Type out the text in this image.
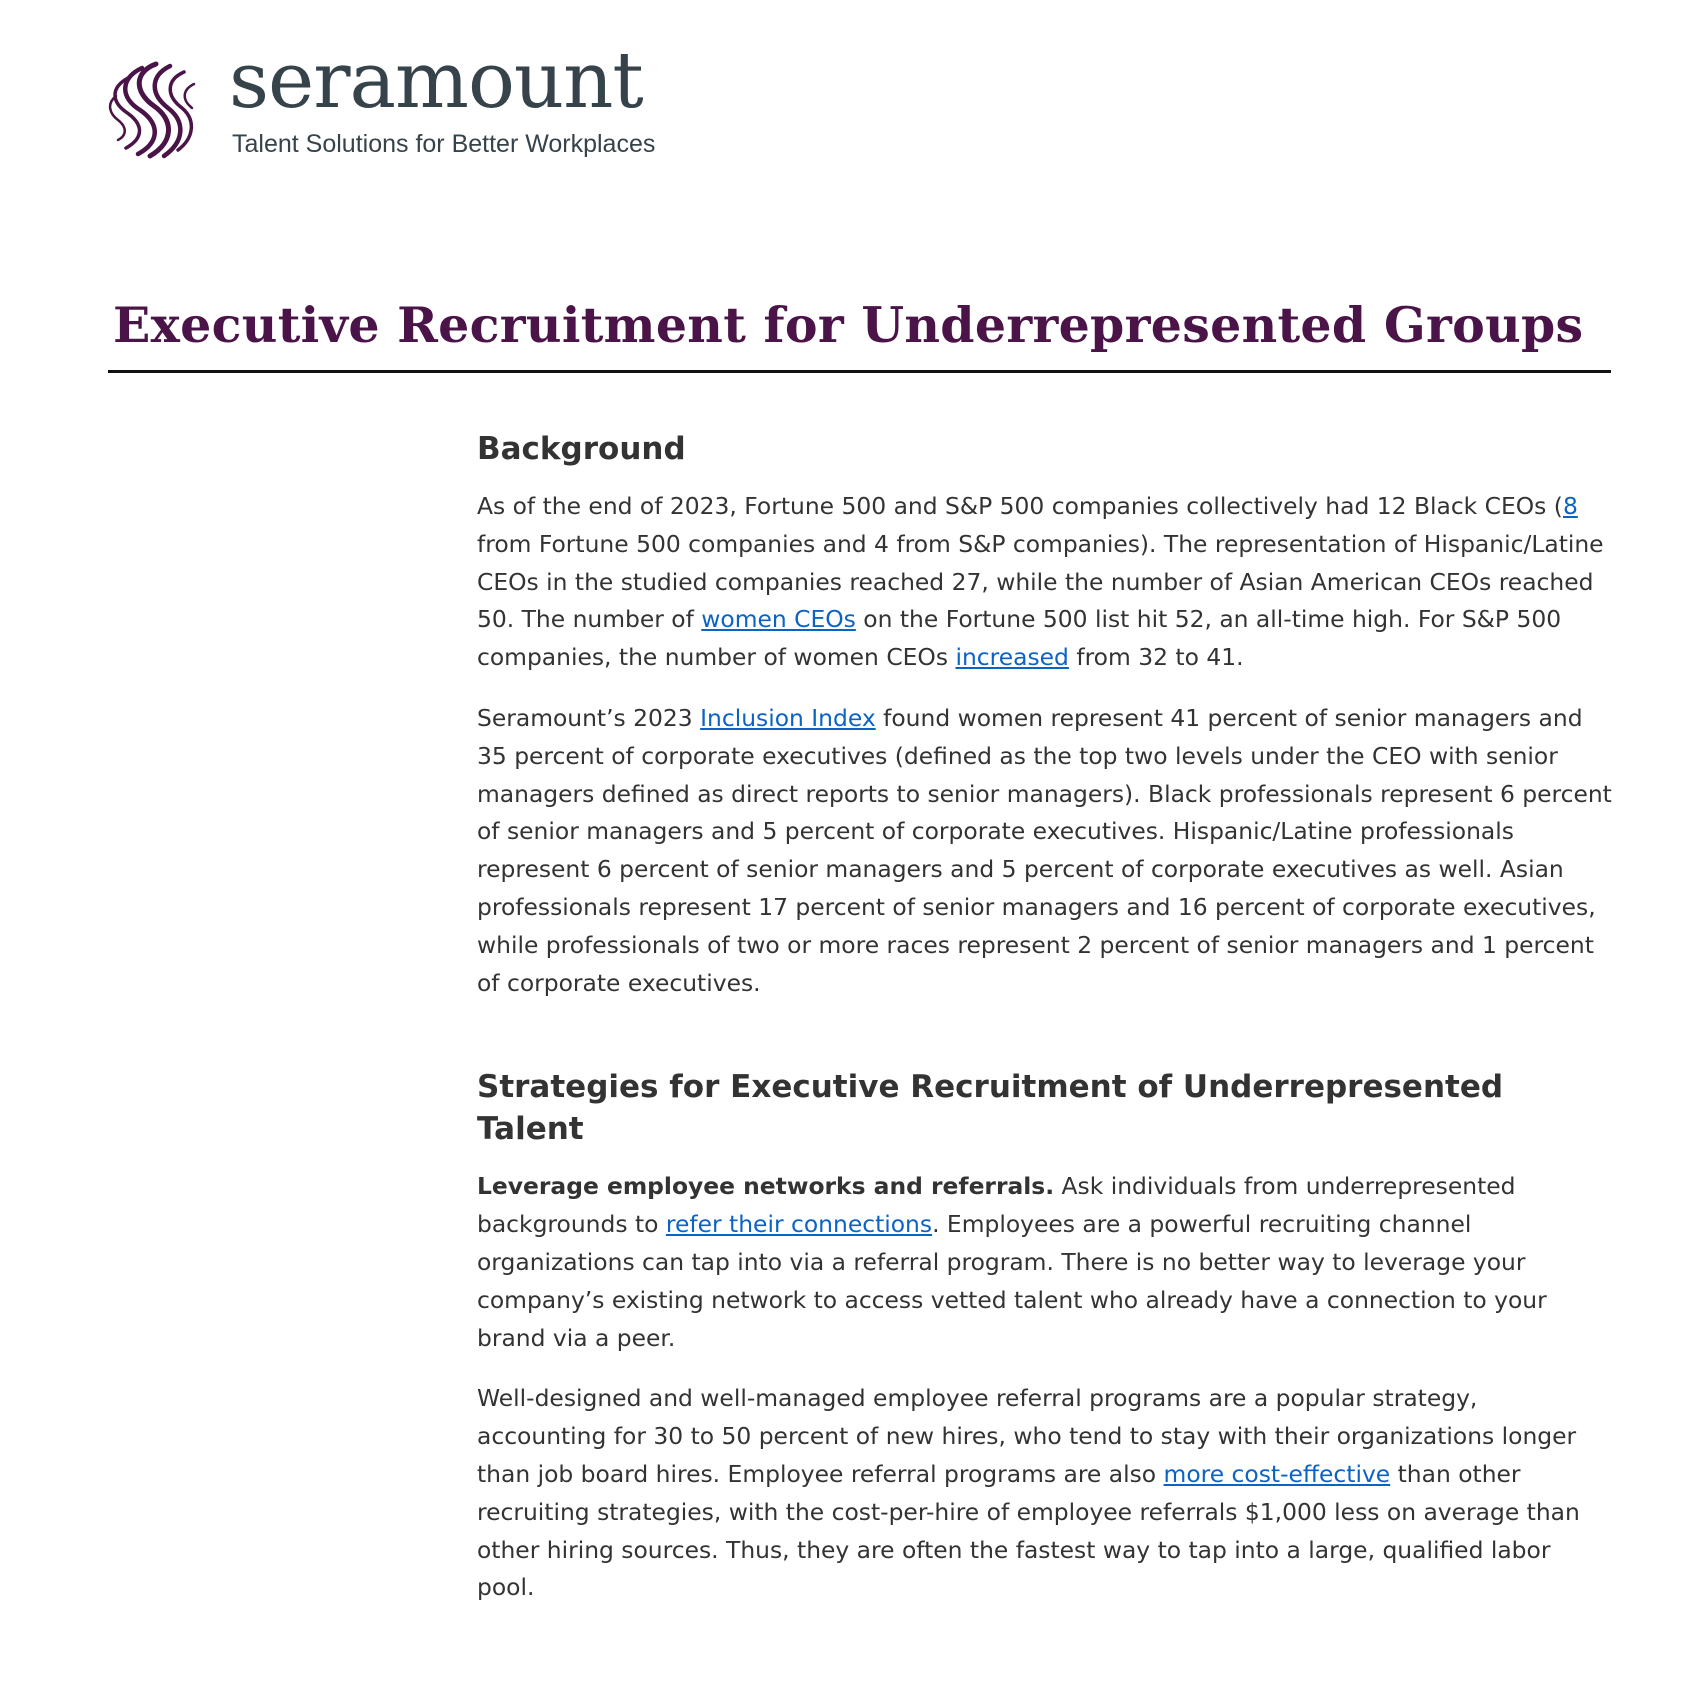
seramount
Talent Solutions for Better Workplaces
Executive Recruitment for Underrepresented Groups
Background

As of the end of 2023, Fortune 500 and S&P 500 companies collectively had 12 Black CEOs (8 from Fortune 500 companies and 4 from S&P companies). The representation of Hispanic/Latine CEOs in the studied companies reached 27, while the number of Asian American CEOs reached 50. The number of women CEOs on the Fortune 500 list hit 52, an all-time high. For S&P 500 companies, the number of women CEOs increased from 32 to 41.

Seramount’s 2023 Inclusion Index found women represent 41 percent of senior managers and 35 percent of corporate executives (defined as the top two levels under the CEO with senior managers defined as direct reports to senior managers). Black professionals represent 6 percent of senior managers and 5 percent of corporate executives. Hispanic/Latine professionals represent 6 percent of senior managers and 5 percent of corporate executives as well. Asian professionals represent 17 percent of senior managers and 16 percent of corporate executives, while professionals of two or more races represent 2 percent of senior managers and 1 percent of corporate executives.

Strategies for Executive Recruitment of Underrepresented Talent

Leverage employee networks and referrals. Ask individuals from underrepresented backgrounds to refer their connections. Employees are a powerful recruiting channel organizations can tap into via a referral program. There is no better way to leverage your company’s existing network to access vetted talent who already have a connection to your brand via a peer.

Well-designed and well-managed employee referral programs are a popular strategy, accounting for 30 to 50 percent of new hires, who tend to stay with their organizations longer than job board hires. Employee referral programs are also more cost-effective than other recruiting strategies, with the cost-per-hire of employee referrals $1,000 less on average than other hiring sources. Thus, they are often the fastest way to tap into a large, qualified labor pool.
